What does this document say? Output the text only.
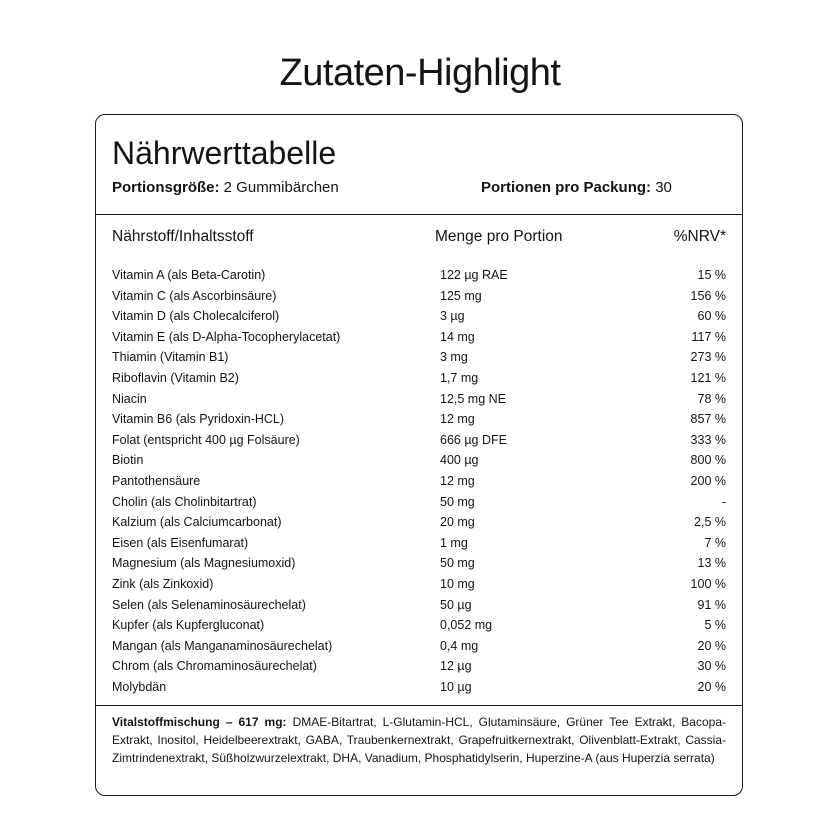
Zutaten-Highlight
Nährwerttabelle
Portionsgröße: 2 Gummibärchen	Portionen pro Packung: 30
Nährstoff/Inhaltsstoff	Menge pro Portion	%NRV*
Vitamin A (als Beta-Carotin)	122 µg RAE	15 %
Vitamin C (als Ascorbinsäure)	125 mg	156 %
Vitamin D (als Cholecalciferol)	3 µg	60 %
Vitamin E (als D-Alpha-Tocopherylacetat)	14 mg	117 %
Thiamin (Vitamin B1)	3 mg	273 %
Riboflavin (Vitamin B2)	1,7 mg	121 %
Niacin	12,5 mg NE	78 %
Vitamin B6 (als Pyridoxin-HCL)	12 mg	857 %
Folat (entspricht 400 µg Folsäure)	666 µg DFE	333 %
Biotin	400 µg	800 %
Pantothensäure	12 mg	200 %
Cholin (als Cholinbitartrat)	50 mg	-
Kalzium (als Calciumcarbonat)	20 mg	2,5 %
Eisen (als Eisenfumarat)	1 mg	7 %
Magnesium (als Magnesiumoxid)	50 mg	13 %
Zink (als Zinkoxid)	10 mg	100 %
Selen (als Selenaminosäurechelat)	50 µg	91 %
Kupfer (als Kupfergluconat)	0,052 mg	5 %
Mangan (als Manganaminosäurechelat)	0,4 mg	20 %
Chrom (als Chromaminosäurechelat)	12 µg	30 %
Molybdän	10 µg	20 %
Vitalstoffmischung – 617 mg: DMAE-Bitartrat, L-Glutamin-HCL, Glutaminsäure, Grüner Tee Extrakt, Bacopa-Extrakt, Inositol, Heidelbeerextrakt, GABA, Traubenkernextrakt, Grapefruitkernextrakt, Olivenblatt-Extrakt, Cassia-Zimtrindenextrakt, Süßholzwurzelextrakt, DHA, Vanadium, Phosphatidylserin, Huperzine-A (aus Huperzia serrata)
